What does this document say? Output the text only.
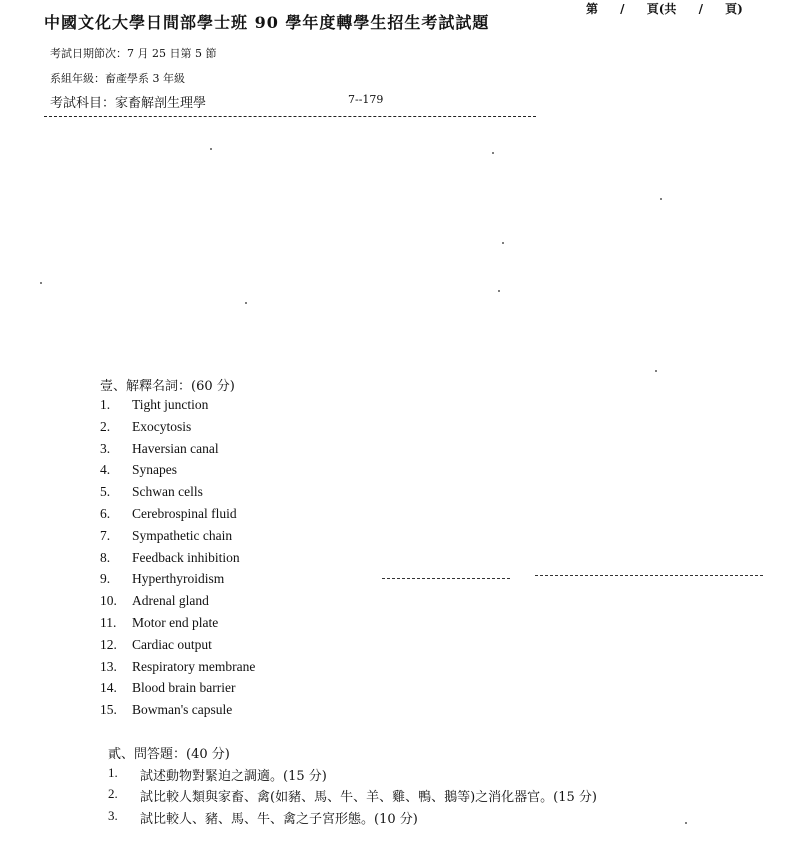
中國文化大學日間部學士班 90 學年度轉學生招生考試試題
第 / 頁(共 / 頁)
考試日期節次：7 月 25 日第 5 節
系組年級：畜產學系 3 年級
考試科目：家畜解剖生理學	7--179
壹、解釋名詞：(60 分)
1.	Tight junction
2.	Exocytosis
3.	Haversian canal
4.	Synapes
5.	Schwan cells
6.	Cerebrospinal fluid
7.	Sympathetic chain
8.	Feedback inhibition
9.	Hyperthyroidism
10.	Adrenal gland
11.	Motor end plate
12.	Cardiac output
13.	Respiratory membrane
14.	Blood brain barrier
15.	Bowman's capsule
貳、問答題：(40 分)
1.	試述動物對緊迫之調適。(15 分)
2.	試比較人類與家畜、禽(如豬、馬、牛、羊、雞、鴨、鵝等)之消化器官。(15 分)
3.	試比較人、豬、馬、牛、禽之子宮形態。(10 分)
